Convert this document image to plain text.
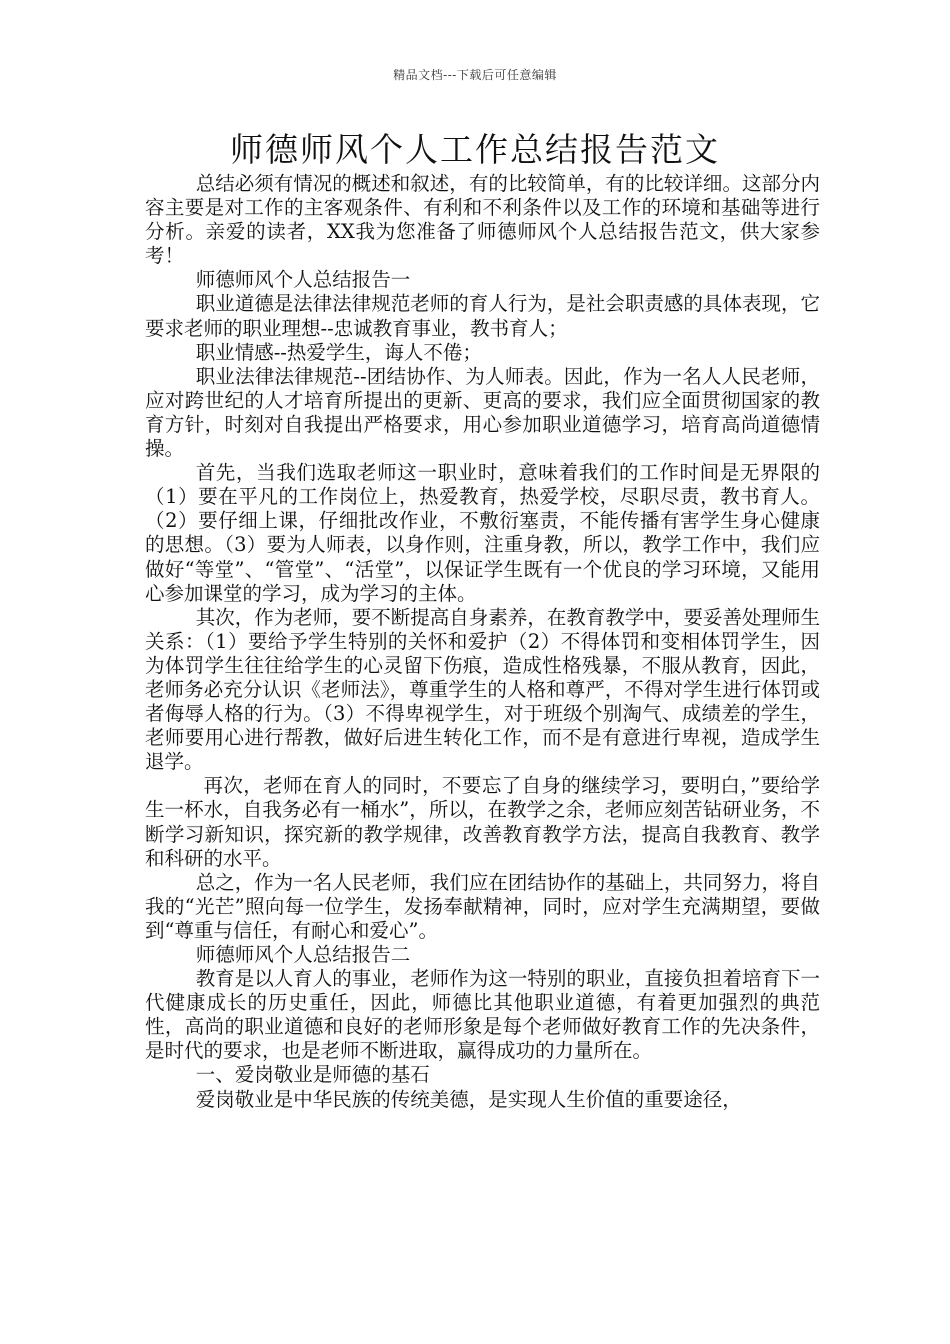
精品文档---下载后可任意编辑
师德师风个人工作总结报告范文

总结必须有情况的概述和叙述，有的比较简单，有的比较详细。这部分内容主要是对工作的主客观条件、有利和不利条件以及工作的环境和基础等进行分析。亲爱的读者，XX我为您准备了师德师风个人总结报告范文，供大家参考！

师德师风个人总结报告一

职业道德是法律法律规范老师的育人行为，是社会职责感的具体表现，它要求老师的职业理想--忠诚教育事业，教书育人；

职业情感--热爱学生，诲人不倦；

职业法律法律规范--团结协作、为人师表。因此，作为一名人人民老师，应对跨世纪的人才培育所提出的更新、更高的要求，我们应全面贯彻国家的教育方针，时刻对自我提出严格要求，用心参加职业道德学习，培育高尚道德情操。

首先，当我们选取老师这一职业时，意味着我们的工作时间是无界限的（1）要在平凡的工作岗位上，热爱教育，热爱学校，尽职尽责，教书育人。（2）要仔细上课，仔细批改作业，不敷衍塞责，不能传播有害学生身心健康的思想。（3）要为人师表，以身作则，注重身教，所以，教学工作中，我们应做好“等堂”、“管堂”、“活堂”，以保证学生既有一个优良的学习环境，又能用心参加课堂的学习，成为学习的主体。

其次，作为老师，要不断提高自身素养，在教育教学中，要妥善处理师生关系：（1）要给予学生特别的关怀和爱护（2）不得体罚和变相体罚学生，因为体罚学生往往给学生的心灵留下伤痕，造成性格残暴，不服从教育，因此，老师务必充分认识《老师法》，尊重学生的人格和尊严，不得对学生进行体罚或者侮辱人格的行为。（3）不得卑视学生，对于班级个别淘气、成绩差的学生，老师要用心进行帮教，做好后进生转化工作，而不是有意进行卑视，造成学生退学。

再次，老师在育人的同时，不要忘了自身的继续学习，要明白，”要给学生一杯水，自我务必有一桶水”，所以，在教学之余，老师应刻苦钻研业务，不断学习新知识，探究新的教学规律，改善教育教学方法，提高自我教育、教学和科研的水平。

总之，作为一名人民老师，我们应在团结协作的基础上，共同努力，将自我的“光芒”照向每一位学生，发扬奉献精神，同时，应对学生充满期望，要做到“尊重与信任，有耐心和爱心”。

师德师风个人总结报告二

教育是以人育人的事业，老师作为这一特别的职业，直接负担着培育下一代健康成长的历史重任，因此，师德比其他职业道德，有着更加强烈的典范性，高尚的职业道德和良好的老师形象是每个老师做好教育工作的先决条件，是时代的要求，也是老师不断进取，赢得成功的力量所在。

一、爱岗敬业是师德的基石

爱岗敬业是中华民族的传统美德，是实现人生价值的重要途径，
